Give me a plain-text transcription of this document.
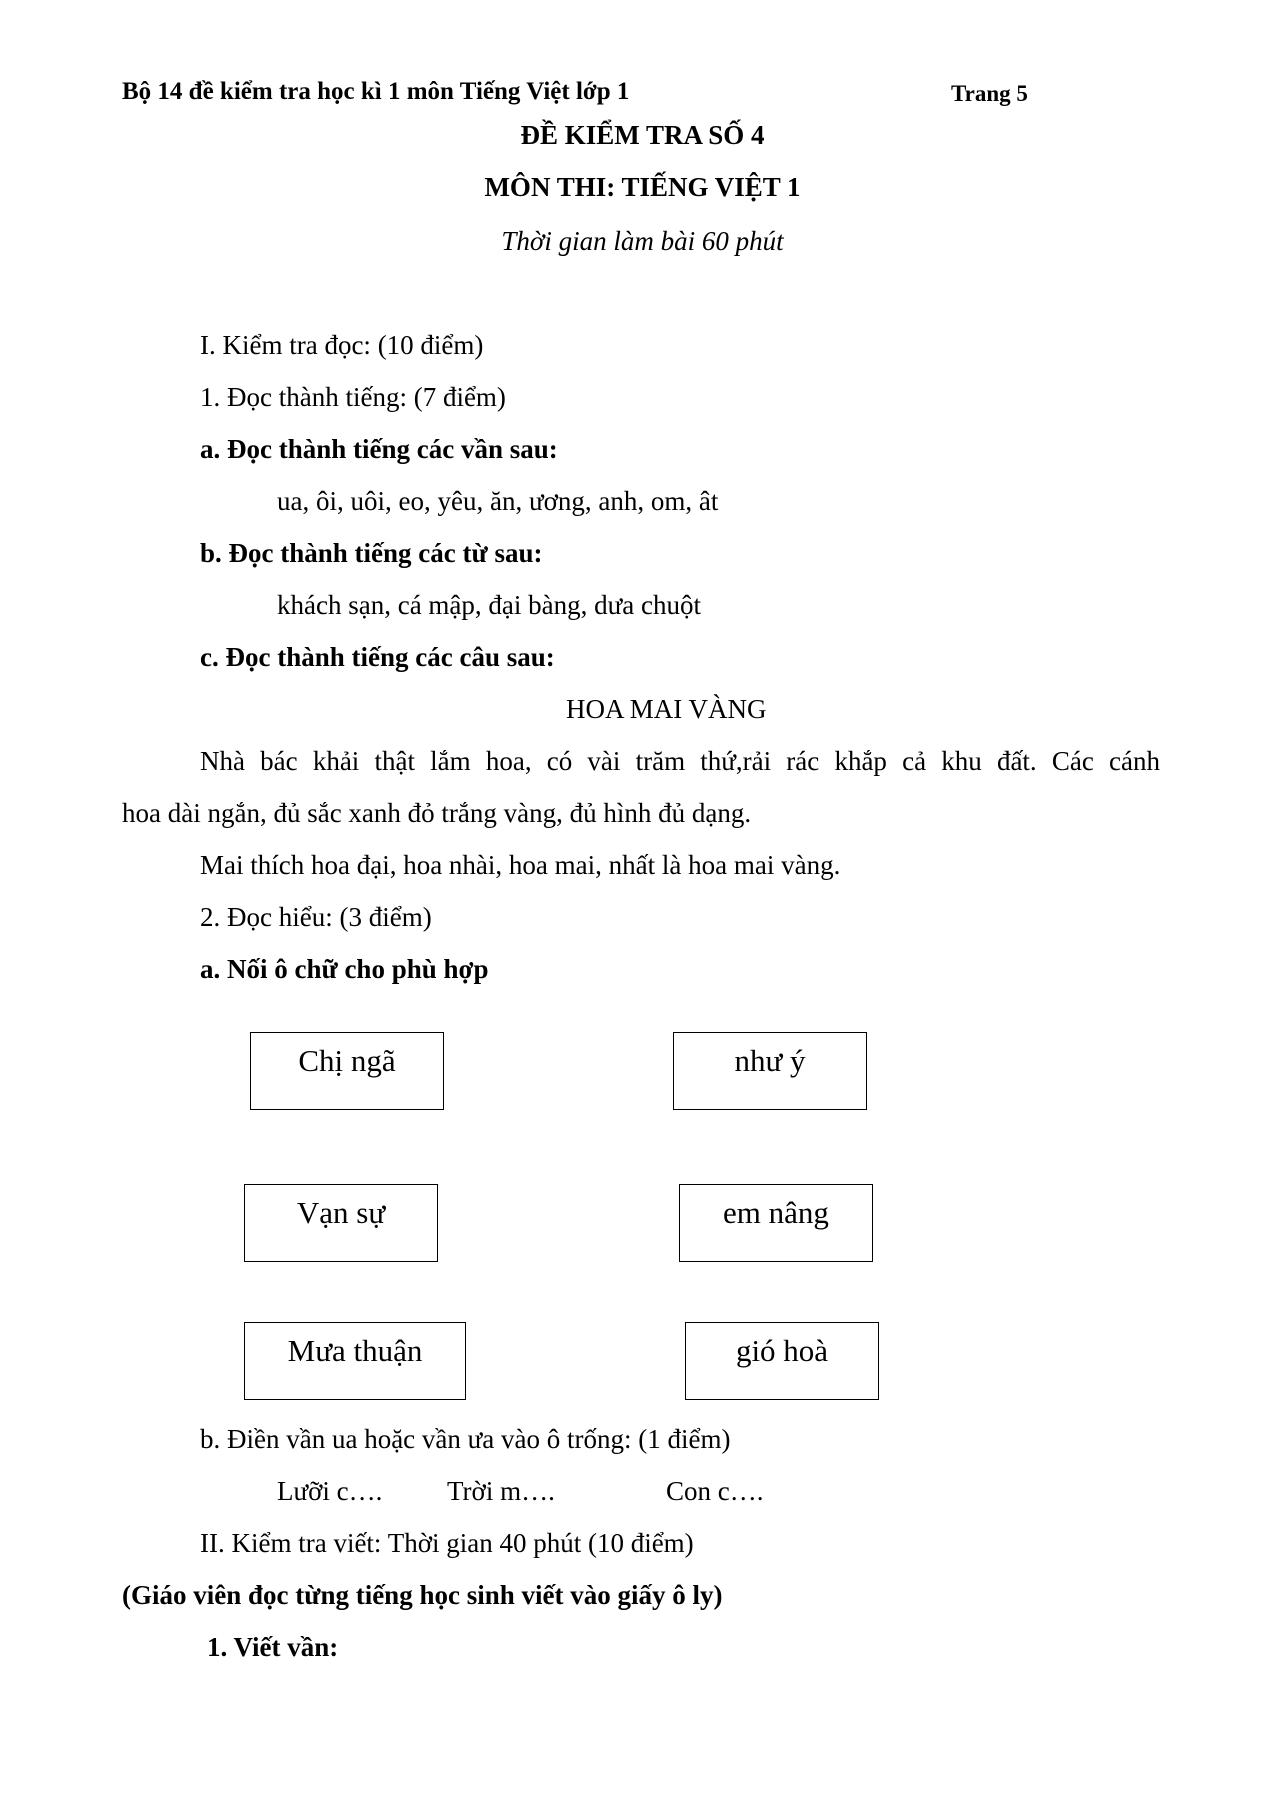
Bộ 14 đề kiểm tra học kì 1 môn Tiếng Việt lớp 1	Trang 5
ĐỀ KIỂM TRA SỐ 4
MÔN THI: TIẾNG VIỆT 1
Thời gian làm bài 60 phút
I. Kiểm tra đọc: (10 điểm)
1. Đọc thành tiếng: (7 điểm)
a. Đọc thành tiếng các vần sau:
ua, ôi, uôi, eo, yêu, ăn, ương, anh, om, ât
b. Đọc thành tiếng các từ sau:
khách sạn, cá mập, đại bàng, dưa chuột
c. Đọc thành tiếng các câu sau:
HOA MAI VÀNG
Nhà bác khải thật lắm hoa, có vài trăm thứ,rải rác khắp cả khu đất. Các cánh
hoa dài ngắn, đủ sắc xanh đỏ trắng vàng, đủ hình đủ dạng.
Mai thích hoa đại, hoa nhài, hoa mai, nhất là hoa mai vàng.
2. Đọc hiểu: (3 điểm)
a. Nối ô chữ cho phù hợp
Chị ngã	như ý
Vạn sự	em nâng
Mưa thuận	gió hoà
b. Điền vần ua hoặc vần ưa vào ô trống: (1 điểm)
Lưỡi c…. Trời m….	Con c….
II. Kiểm tra viết: Thời gian 40 phút (10 điểm)
(Giáo viên đọc từng tiếng học sinh viết vào giấy ô ly)
1. Viết vần:
